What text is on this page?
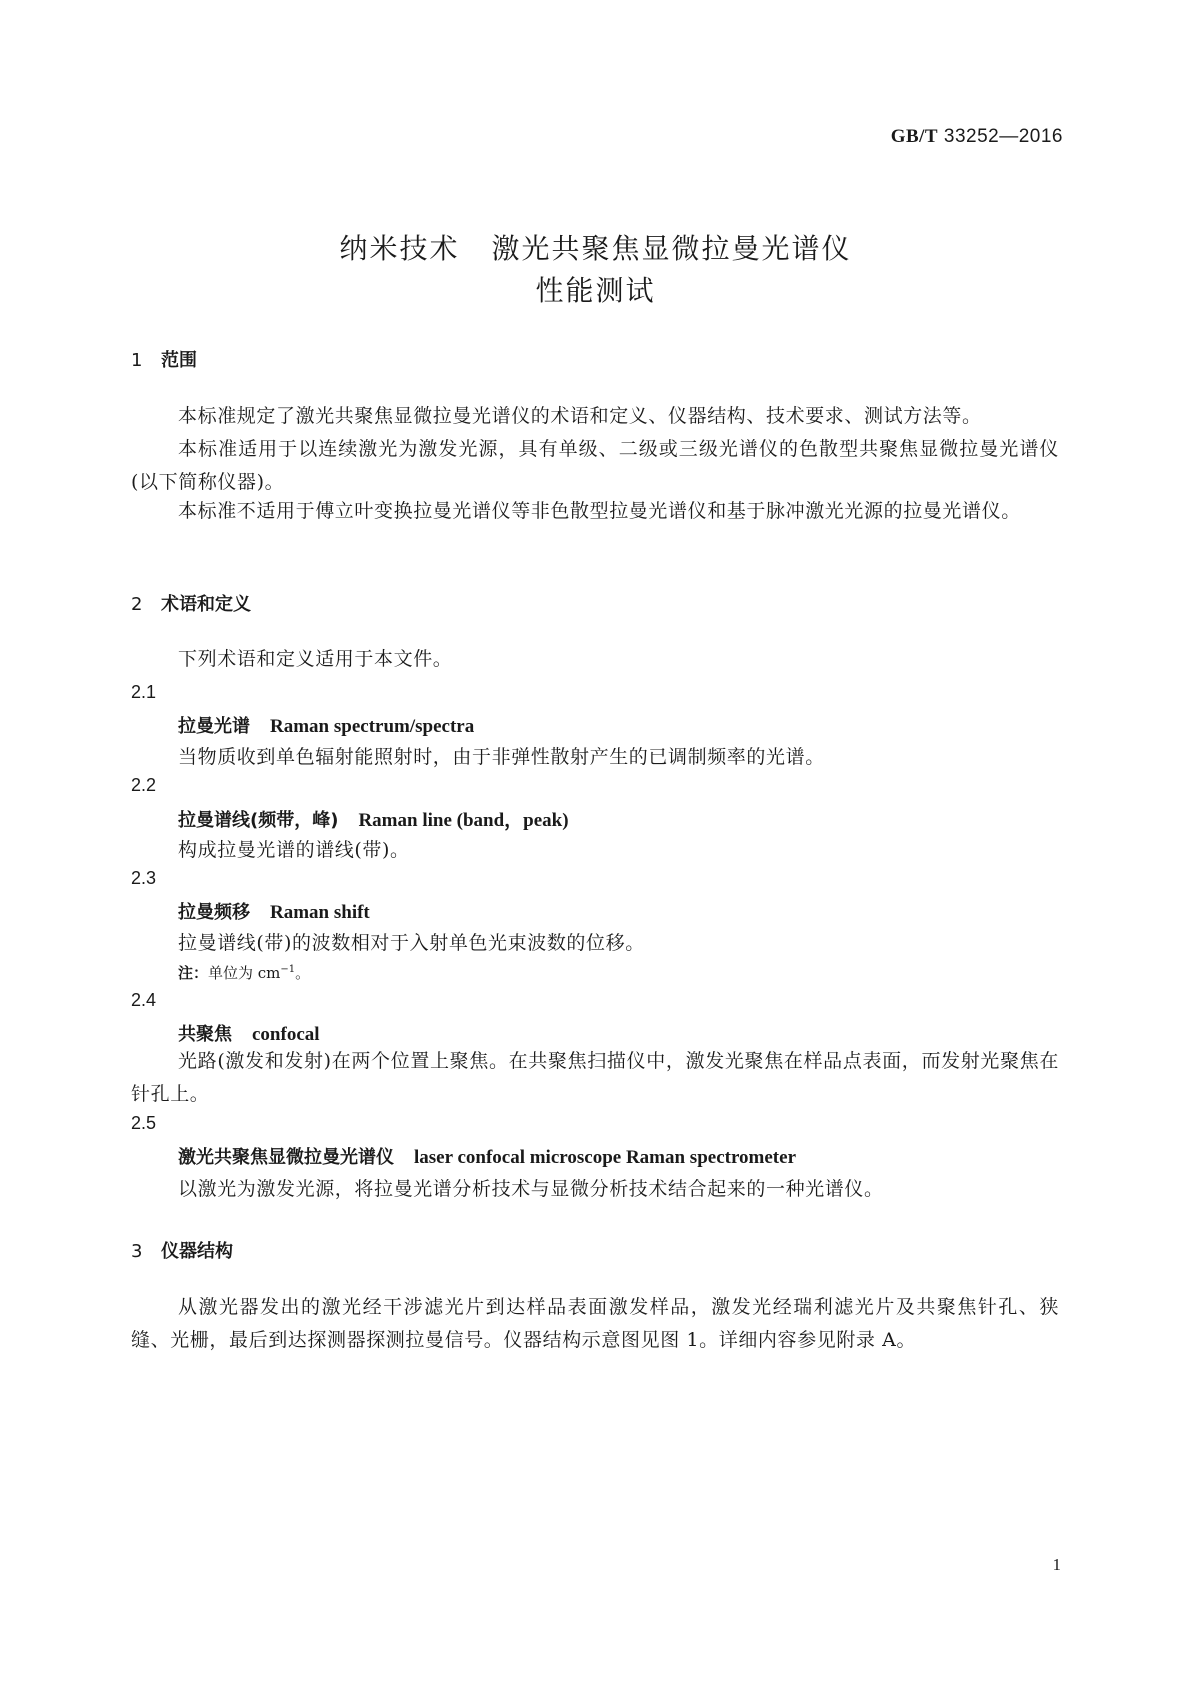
GB/T 33252—2016
纳米技术 激光共聚焦显微拉曼光谱仪
性能测试
1 范围
本标准规定了激光共聚焦显微拉曼光谱仪的术语和定义、仪器结构、技术要求、测试方法等。
本标准适用于以连续激光为激发光源，具有单级、二级或三级光谱仪的色散型共聚焦显微拉曼光谱仪(以下简称仪器)。
本标准不适用于傅立叶变换拉曼光谱仪等非色散型拉曼光谱仪和基于脉冲激光光源的拉曼光谱仪。
2 术语和定义
下列术语和定义适用于本文件。
2.1
拉曼光谱 Raman spectrum/spectra
当物质收到单色辐射能照射时，由于非弹性散射产生的已调制频率的光谱。
2.2
拉曼谱线(频带，峰) Raman line (band，peak)
构成拉曼光谱的谱线(带)。
2.3
拉曼频移 Raman shift
拉曼谱线(带)的波数相对于入射单色光束波数的位移。
注：单位为 $cm^{-1}$。
2.4
共聚焦 confocal
光路(激发和发射)在两个位置上聚焦。在共聚焦扫描仪中，激发光聚焦在样品点表面，而发射光聚焦在针孔上。
2.5
激光共聚焦显微拉曼光谱仪 laser confocal microscope Raman spectrometer
以激光为激发光源，将拉曼光谱分析技术与显微分析技术结合起来的一种光谱仪。
3 仪器结构
从激光器发出的激光经干涉滤光片到达样品表面激发样品，激发光经瑞利滤光片及共聚焦针孔、狭缝、光栅，最后到达探测器探测拉曼信号。仪器结构示意图见图 1。详细内容参见附录 A。
1
